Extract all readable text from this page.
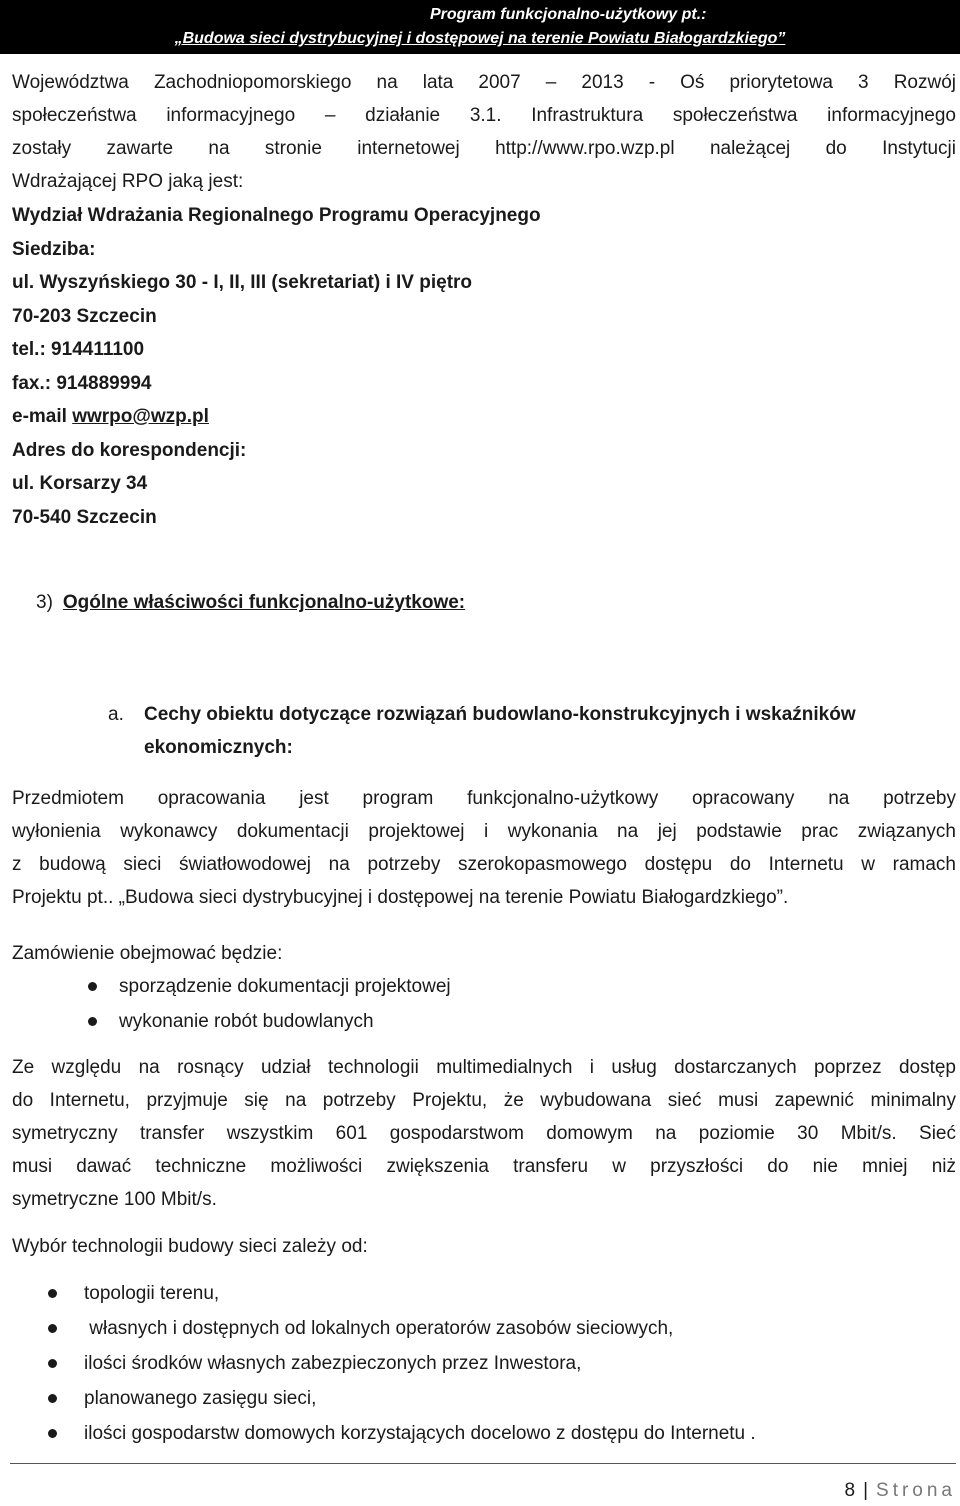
Program funkcjonalno-użytkowy pt.:
„Budowa sieci dystrybucyjnej i dostępowej na terenie Powiatu Białogardzkiego”
Województwa Zachodniopomorskiego na lata 2007 – 2013 - Oś priorytetowa 3 Rozwój
społeczeństwa informacyjnego – działanie 3.1. Infrastruktura społeczeństwa informacyjnego
zostały zawarte na stronie internetowej http://www.rpo.wzp.pl należącej do Instytucji
Wdrażającej RPO jaką jest:
Wydział Wdrażania Regionalnego Programu Operacyjnego
Siedziba:
ul. Wyszyńskiego 30 - I, II, III (sekretariat) i IV piętro
70-203 Szczecin
tel.: 914411100
fax.: 914889994
e-mail wwrpo@wzp.pl
Adres do korespondencji:
ul. Korsarzy 34
70-540 Szczecin
3) Ogólne właściwości funkcjonalno-użytkowe:
a. Cechy obiektu dotyczące rozwiązań budowlano-konstrukcyjnych i wskaźników
ekonomicznych:
Przedmiotem opracowania jest program funkcjonalno-użytkowy opracowany na potrzeby
wyłonienia wykonawcy dokumentacji projektowej i wykonania na jej podstawie prac związanych
z budową sieci światłowodowej na potrzeby szerokopasmowego dostępu do Internetu w ramach
Projektu pt.. „Budowa sieci dystrybucyjnej i dostępowej na terenie Powiatu Białogardzkiego”.
Zamówienie obejmować będzie:
sporządzenie dokumentacji projektowej
wykonanie robót budowlanych
Ze względu na rosnący udział technologii multimedialnych i usług dostarczanych poprzez dostęp
do Internetu, przyjmuje się na potrzeby Projektu, że wybudowana sieć musi zapewnić minimalny
symetryczny transfer wszystkim 601 gospodarstwom domowym na poziomie 30 Mbit/s. Sieć
musi dawać techniczne możliwości zwiększenia transferu w przyszłości do nie mniej niż
symetryczne 100 Mbit/s.
Wybór technologii budowy sieci zależy od:
topologii terenu,
własnych i dostępnych od lokalnych operatorów zasobów sieciowych,
ilości środków własnych zabezpieczonych przez Inwestora,
planowanego zasięgu sieci,
ilości gospodarstw domowych korzystających docelowo z dostępu do Internetu .
8 | Strona
